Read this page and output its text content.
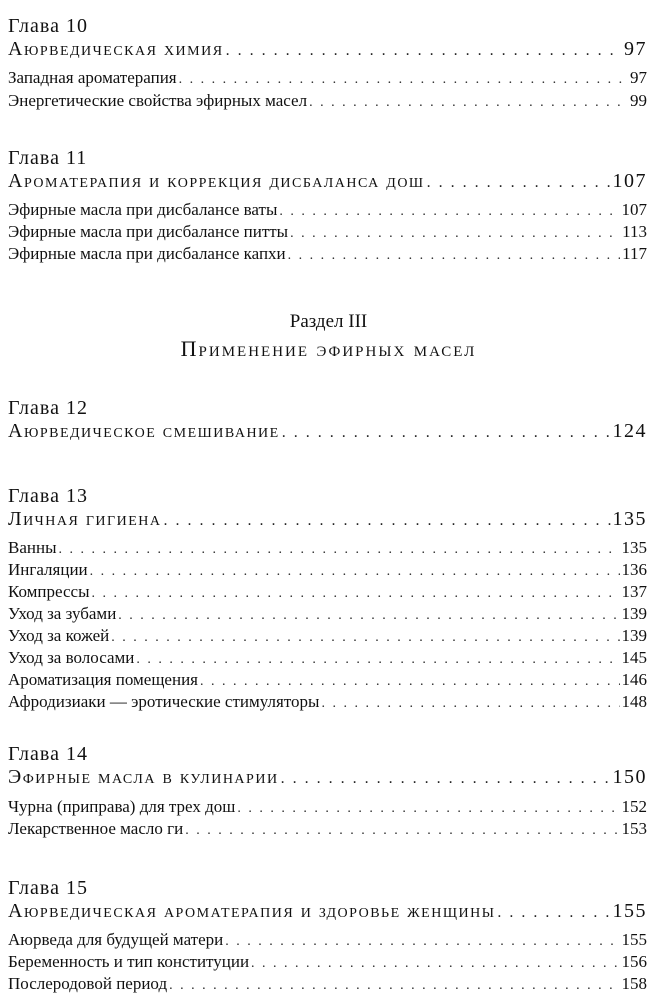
Глава 10
Аюрведическая химия . . .	97
Западная ароматерапия . . .	97
Энергетические свойства эфирных масел . . .	99
Глава 11
Ароматерапия и коррекция дисбаланса дош . . .	107
Эфирные масла при дисбалансе ваты . . .	107
Эфирные масла при дисбалансе питты . . .	113
Эфирные масла при дисбалансе капхи . . .	117
Раздел III
Применение эфирных масел
Глава 12
Аюрведическое смешивание . . .	124
Глава 13
Личная гигиена . . .	135
Ванны . . .	135
Ингаляции . . .	136
Компрессы . . .	137
Уход за зубами . . .	139
Уход за кожей . . .	139
Уход за волосами . . .	145
Ароматизация помещения . . .	146
Афродизиаки — эротические стимуляторы . . .	148
Глава 14
Эфирные масла в кулинарии . . .	150
Чурна (приправа) для трех дош . . .	152
Лекарственное масло ги . . .	153
Глава 15
Аюрведическая ароматерапия и здоровье женщины . . .	155
Аюрведа для будущей матери . . .	155
Беременность и тип конституции . . .	156
Послеродовой период . . .	158
